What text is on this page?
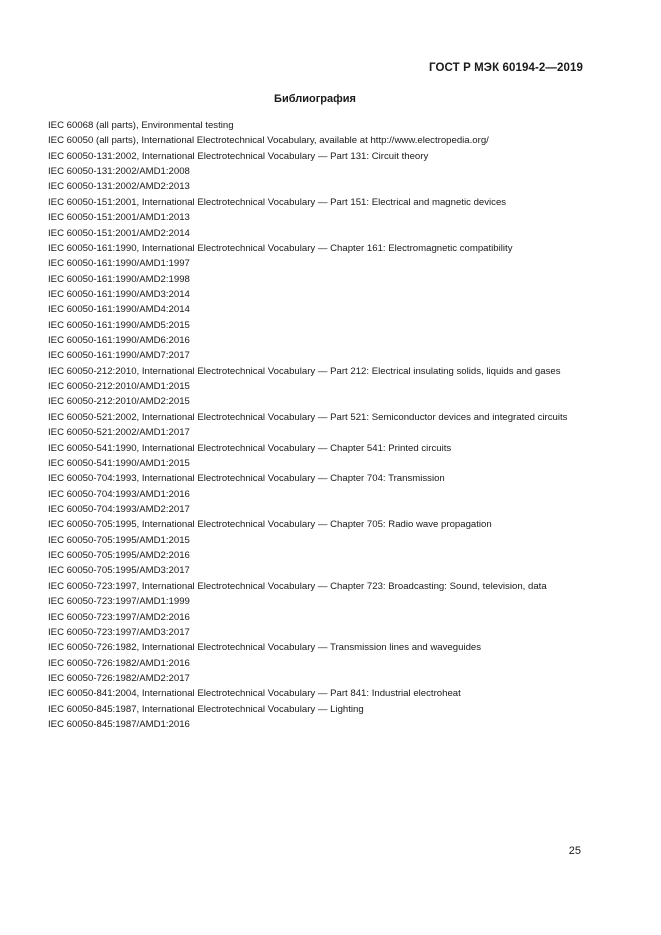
ГОСТ Р МЭК 60194-2—2019
Библиография
IEC 60068 (all parts), Environmental testing
IEC 60050 (all parts), International Electrotechnical Vocabulary, available at http://www.electropedia.org/
IEC 60050-131:2002, International Electrotechnical Vocabulary — Part 131: Circuit theory
IEC 60050-131:2002/AMD1:2008
IEC 60050-131:2002/AMD2:2013
IEC 60050-151:2001, International Electrotechnical Vocabulary — Part 151: Electrical and magnetic devices
IEC 60050-151:2001/AMD1:2013
IEC 60050-151:2001/AMD2:2014
IEC 60050-161:1990, International Electrotechnical Vocabulary — Chapter 161: Electromagnetic compatibility
IEC 60050-161:1990/AMD1:1997
IEC 60050-161:1990/AMD2:1998
IEC 60050-161:1990/AMD3:2014
IEC 60050-161:1990/AMD4:2014
IEC 60050-161:1990/AMD5:2015
IEC 60050-161:1990/AMD6:2016
IEC 60050-161:1990/AMD7:2017
IEC 60050-212:2010, International Electrotechnical Vocabulary — Part 212: Electrical insulating solids, liquids and gases
IEC 60050-212:2010/AMD1:2015
IEC 60050-212:2010/AMD2:2015
IEC 60050-521:2002, International Electrotechnical Vocabulary — Part 521: Semiconductor devices and integrated circuits
IEC 60050-521:2002/AMD1:2017
IEC 60050-541:1990, International Electrotechnical Vocabulary — Chapter 541: Printed circuits
IEC 60050-541:1990/AMD1:2015
IEC 60050-704:1993, International Electrotechnical Vocabulary — Chapter 704: Transmission
IEC 60050-704:1993/AMD1:2016
IEC 60050-704:1993/AMD2:2017
IEC 60050-705:1995, International Electrotechnical Vocabulary — Chapter 705: Radio wave propagation
IEC 60050-705:1995/AMD1:2015
IEC 60050-705:1995/AMD2:2016
IEC 60050-705:1995/AMD3:2017
IEC 60050-723:1997, International Electrotechnical Vocabulary — Chapter 723: Broadcasting: Sound, television, data
IEC 60050-723:1997/AMD1:1999
IEC 60050-723:1997/AMD2:2016
IEC 60050-723:1997/AMD3:2017
IEC 60050-726:1982, International Electrotechnical Vocabulary — Transmission lines and waveguides
IEC 60050-726:1982/AMD1:2016
IEC 60050-726:1982/AMD2:2017
IEC 60050-841:2004, International Electrotechnical Vocabulary — Part 841: Industrial electroheat
IEC 60050-845:1987, International Electrotechnical Vocabulary — Lighting
IEC 60050-845:1987/AMD1:2016
25
